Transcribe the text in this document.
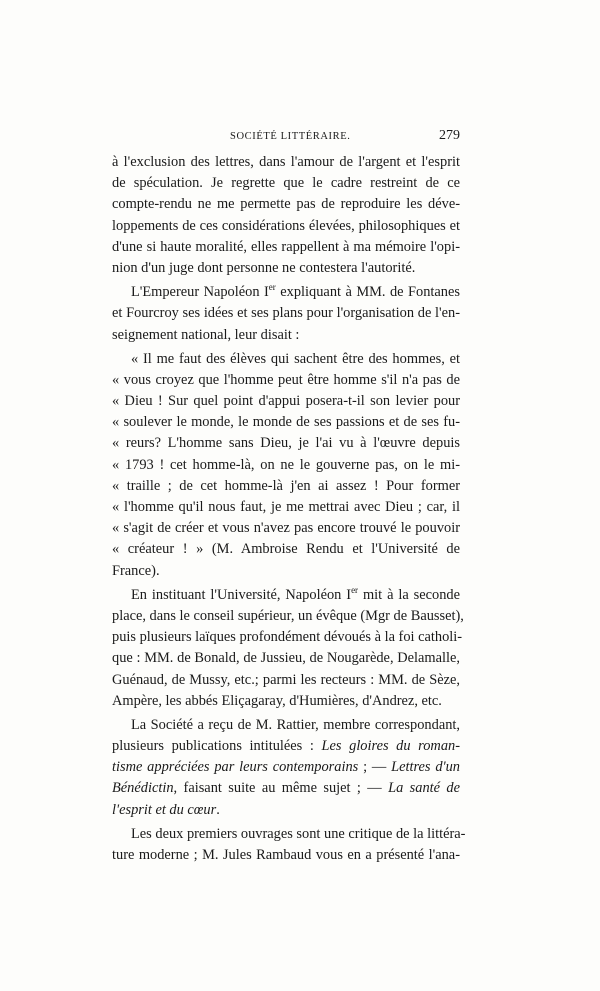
SOCIÉTÉ LITTÉRAIRE.	279
à l'exclusion des lettres, dans l'amour de l'argent et l'esprit
de spéculation. Je regrette que le cadre restreint de ce
compte-rendu ne me permette pas de reproduire les déve-
loppements de ces considérations élevées, philosophiques et
d'une si haute moralité, elles rappellent à ma mémoire l'opi-
nion d'un juge dont personne ne contestera l'autorité.
L'Empereur Napoléon Ier expliquant à MM. de Fontanes
et Fourcroy ses idées et ses plans pour l'organisation de l'en-
seignement national, leur disait :
« Il me faut des élèves qui sachent être des hommes, et
« vous croyez que l'homme peut être homme s'il n'a pas de
« Dieu ! Sur quel point d'appui posera-t-il son levier pour
« soulever le monde, le monde de ses passions et de ses fu-
« reurs? L'homme sans Dieu, je l'ai vu à l'œuvre depuis
« 1793 ! cet homme-là, on ne le gouverne pas, on le mi-
« traille ; de cet homme-là j'en ai assez ! Pour former
« l'homme qu'il nous faut, je me mettrai avec Dieu ; car, il
« s'agit de créer et vous n'avez pas encore trouvé le pouvoir
« créateur ! » (M. Ambroise Rendu et l'Université de
France).
En instituant l'Université, Napoléon Ier mit à la seconde
place, dans le conseil supérieur, un évêque (Mgr de Bausset),
puis plusieurs laïques profondément dévoués à la foi catholi-
que : MM. de Bonald, de Jussieu, de Nougarède, Delamalle,
Guénaud, de Mussy, etc.; parmi les recteurs : MM. de Sèze,
Ampère, les abbés Eliçagaray, d'Humières, d'Andrez, etc.
La Société a reçu de M. Rattier, membre correspondant,
plusieurs publications intitulées : Les gloires du roman-
tisme appréciées par leurs contemporains ; — Lettres d'un
Bénédictin, faisant suite au même sujet ; — La santé de
l'esprit et du cœur.
Les deux premiers ouvrages sont une critique de la littéra-
ture moderne ; M. Jules Rambaud vous en a présenté l'ana-
